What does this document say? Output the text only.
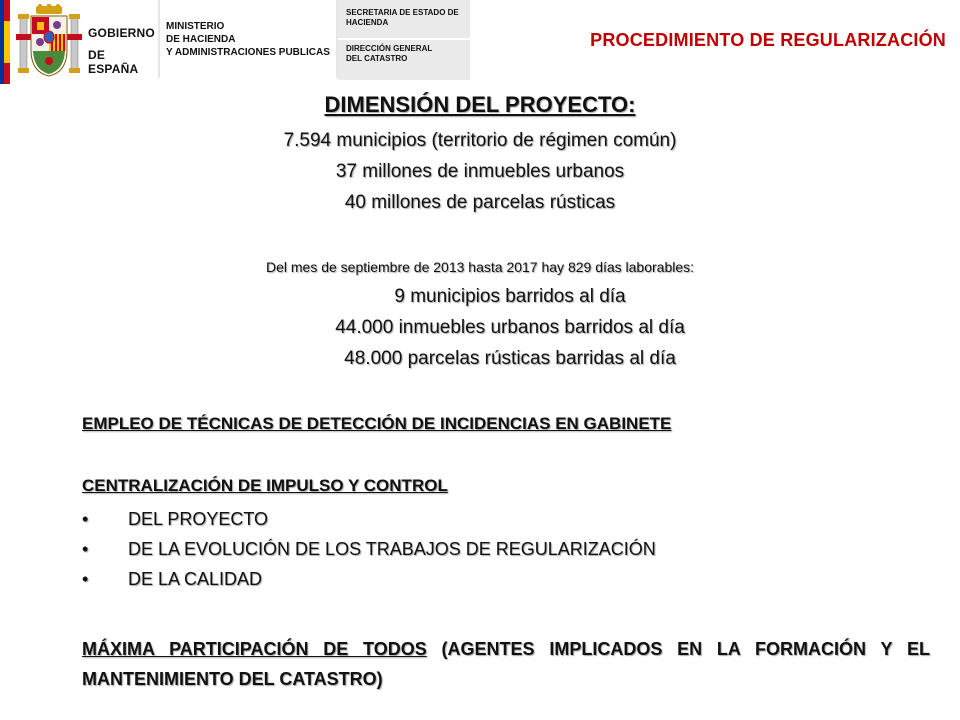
GOBIERNO
DE ESPAÑA
MINISTERIO
DE HACIENDA
Y ADMINISTRACIONES PUBLICAS
SECRETARIA DE ESTADO DE
HACIENDA
DIRECCIÓN GENERAL
DEL CATASTRO
PROCEDIMIENTO DE REGULARIZACIÓN
DIMENSIÓN DEL PROYECTO:
7.594 municipios (territorio de régimen común)
37 millones de inmuebles urbanos
40 millones de parcelas rústicas
Del mes de septiembre de 2013 hasta 2017 hay 829 días laborables:
9 municipios barridos al día
44.000 inmuebles urbanos barridos al día
48.000 parcelas rústicas barridas al día
EMPLEO DE TÉCNICAS DE DETECCIÓN DE INCIDENCIAS EN GABINETE
CENTRALIZACIÓN DE IMPULSO Y CONTROL
• DEL PROYECTO
• DE LA EVOLUCIÓN DE LOS TRABAJOS DE REGULARIZACIÓN
• DE LA CALIDAD
MÁXIMA PARTICIPACIÓN DE TODOS (AGENTES IMPLICADOS EN LA FORMACIÓN Y EL MANTENIMIENTO DEL CATASTRO)
